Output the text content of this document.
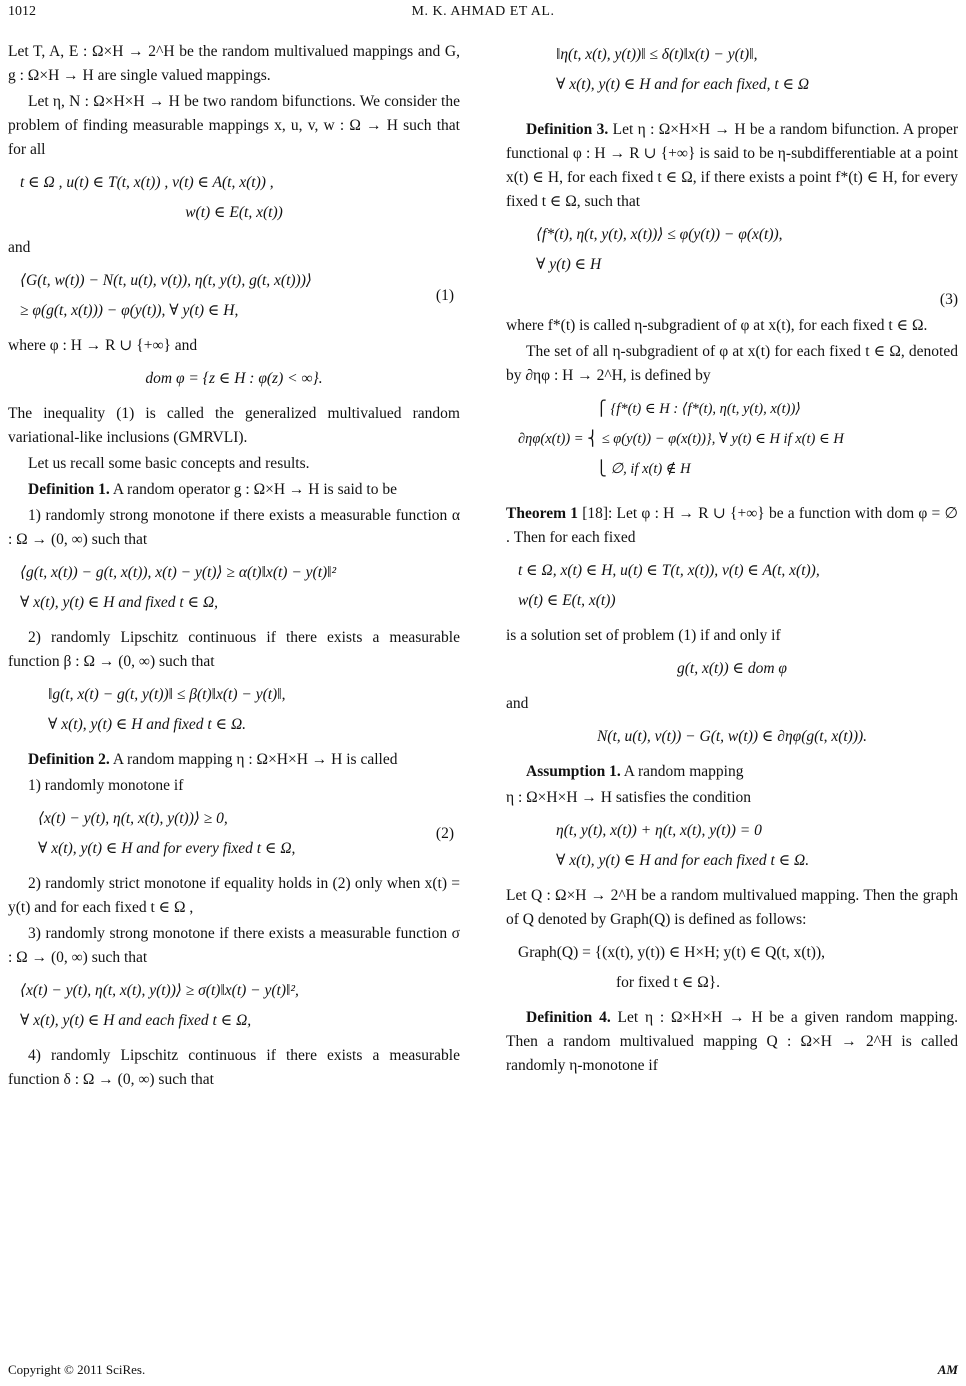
1012	M. K. AHMAD ET AL.

Let T, A, E : Ω×H → 2^H be the random multivalued mappings and G, g : Ω×H → H are single valued mappings.

Let η, N : Ω×H×H → H be two random bifunctions. We consider the problem of finding measurable mappings x, u, v, w : Ω → H such that for all

t ∈ Ω , u(t) ∈ T(t, x(t)) , v(t) ∈ A(t, x(t)) ,
w(t) ∈ E(t, x(t))

and

⟨G(t, w(t)) − N(t, u(t), v(t)), η(t, y(t), g(t, x(t)))⟩
≥ φ(g(t, x(t))) − φ(y(t)), ∀ y(t) ∈ H,
(1)

where φ : H → R ∪ {+∞} and

dom φ = {z ∈ H : φ(z) < ∞}.

The inequality (1) is called the generalized multivalued random variational-like inclusions (GMRVLI).

Let us recall some basic concepts and results.

Definition 1. A random operator g : Ω×H → H is said to be

1) randomly strong monotone if there exists a measurable function α : Ω → (0, ∞) such that

⟨g(t, x(t)) − g(t, x(t)), x(t) − y(t)⟩ ≥ α(t)‖x(t) − y(t)‖²
∀ x(t), y(t) ∈ H and fixed t ∈ Ω,

2) randomly Lipschitz continuous if there exists a measurable function β : Ω → (0, ∞) such that

‖g(t, x(t) − g(t, y(t))‖ ≤ β(t)‖x(t) − y(t)‖,
∀ x(t), y(t) ∈ H and fixed t ∈ Ω.

Definition 2. A random mapping η : Ω×H×H → H is called

1) randomly monotone if

⟨x(t) − y(t), η(t, x(t), y(t))⟩ ≥ 0,
∀ x(t), y(t) ∈ H and for every fixed t ∈ Ω,
(2)

2) randomly strict monotone if equality holds in (2) only when x(t) = y(t) and for each fixed t ∈ Ω ,

3) randomly strong monotone if there exists a measurable function σ : Ω → (0, ∞) such that

⟨x(t) − y(t), η(t, x(t), y(t))⟩ ≥ σ(t)‖x(t) − y(t)‖²,
∀ x(t), y(t) ∈ H and each fixed t ∈ Ω,

4) randomly Lipschitz continuous if there exists a measurable function δ : Ω → (0, ∞) such that

‖η(t, x(t), y(t))‖ ≤ δ(t)‖x(t) − y(t)‖,
∀ x(t), y(t) ∈ H and for each fixed, t ∈ Ω

Definition 3. Let η : Ω×H×H → H be a random bifunction. A proper functional φ : H → R ∪ {+∞} is said to be η-subdifferentiable at a point x(t) ∈ H, for each fixed t ∈ Ω, if there exists a point f*(t) ∈ H, for every fixed t ∈ Ω, such that

⟨f*(t), η(t, y(t), x(t))⟩ ≤ φ(y(t)) − φ(x(t)),
∀ y(t) ∈ H

(3)

where f*(t) is called η-subgradient of φ at x(t), for each fixed t ∈ Ω.

The set of all η-subgradient of φ at x(t) for each fixed t ∈ Ω, denoted by ∂ηφ : H → 2^H, is defined by

⎧ {f*(t) ∈ H : ⟨f*(t), η(t, y(t), x(t))⟩
∂ηφ(x(t)) = ⎨ ≤ φ(y(t)) − φ(x(t))}, ∀ y(t) ∈ H if x(t) ∈ H
⎩ ∅, if x(t) ∉ H

Theorem 1 [18]: Let φ : H → R ∪ {+∞} be a function with dom φ = ∅ . Then for each fixed

t ∈ Ω, x(t) ∈ H, u(t) ∈ T(t, x(t)), v(t) ∈ A(t, x(t)),
w(t) ∈ E(t, x(t))

is a solution set of problem (1) if and only if

g(t, x(t)) ∈ dom φ

and

N(t, u(t), v(t)) − G(t, w(t)) ∈ ∂ηφ(g(t, x(t))).

Assumption 1. A random mapping

η : Ω×H×H → H satisfies the condition

η(t, y(t), x(t)) + η(t, x(t), y(t)) = 0
∀ x(t), y(t) ∈ H and for each fixed t ∈ Ω.

Let Q : Ω×H → 2^H be a random multivalued mapping. Then the graph of Q denoted by Graph(Q) is defined as follows:

Graph(Q) = {(x(t), y(t)) ∈ H×H; y(t) ∈ Q(t, x(t)),
for fixed t ∈ Ω}.

Definition 4. Let η : Ω×H×H → H be a given random mapping. Then a random multivalued mapping Q : Ω×H → 2^H is called randomly η-monotone if

Copyright © 2011 SciRes.	AM
